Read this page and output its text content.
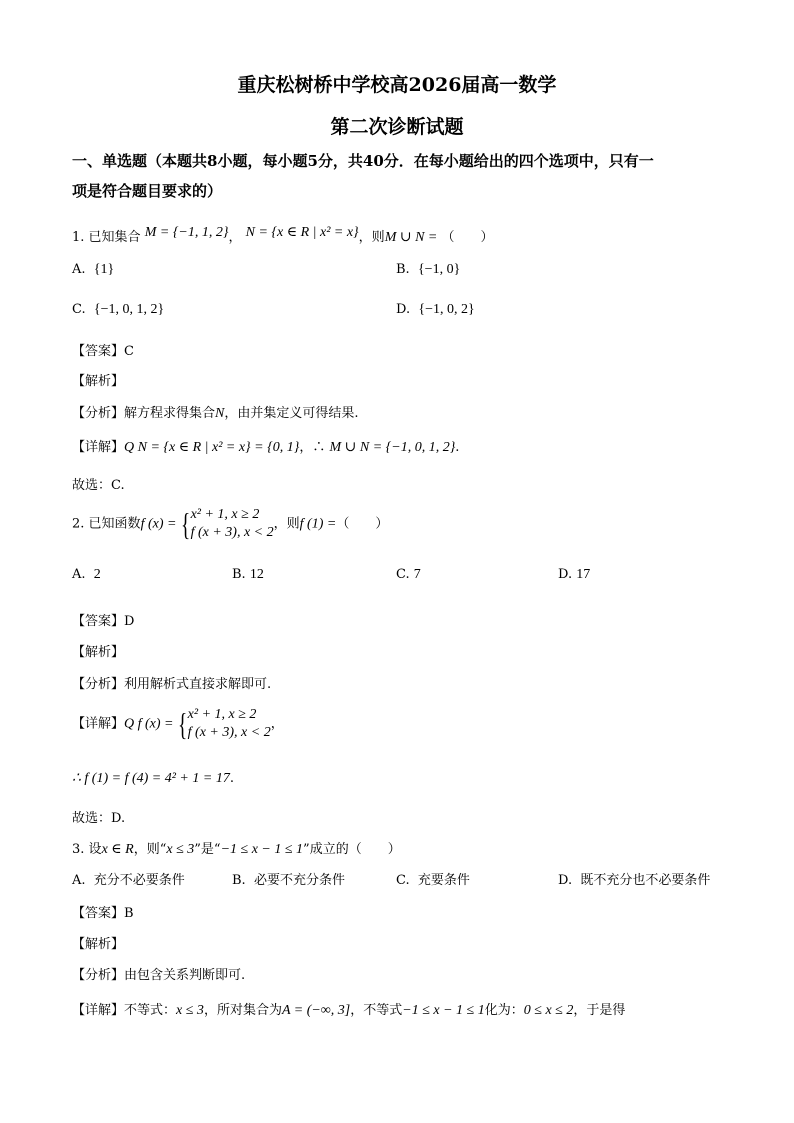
重庆松树桥中学校高2026届高一数学
第二次诊断试题
一、单选题（本题共8小题，每小题5分，共40分．在每小题给出的四个选项中，只有一
项是符合题目要求的）
1. 已知集合 M = {−1, 1, 2}， N = {x ∈ R | x² = x}，则M ∪ N = （　　）
A. {1}	B. {−1, 0}
C. {−1, 0, 1, 2}	D. {−1, 0, 2}
【答案】C
【解析】
【分析】解方程求得集合N，由并集定义可得结果.
【详解】Q N = {x ∈ R | x² = x} = {0, 1}，∴ M ∪ N = {−1, 0, 1, 2}.
故选：C.
2. 已知函数f (x) = { x² + 1, x ≥ 2
f (x + 3), x < 2
，则f (1) =（　　）
A. 2	B. 12	C. 7	D. 17
【答案】D
【解析】
【分析】利用解析式直接求解即可.
【详解】Q f (x) = { x² + 1, x ≥ 2
f (x + 3), x < 2
，
∴ f (1) = f (4) = 4² + 1 = 17.
故选：D.
3. 设x ∈ R，则“x ≤ 3”是“−1 ≤ x − 1 ≤ 1”成立的（　　）
A. 充分不必要条件	B. 必要不充分条件	C. 充要条件	D. 既不充分也不必要条件
【答案】B
【解析】
【分析】由包含关系判断即可.
【详解】不等式：x ≤ 3，所对集合为A = (−∞, 3]，不等式−1 ≤ x − 1 ≤ 1化为：0 ≤ x ≤ 2，于是得
